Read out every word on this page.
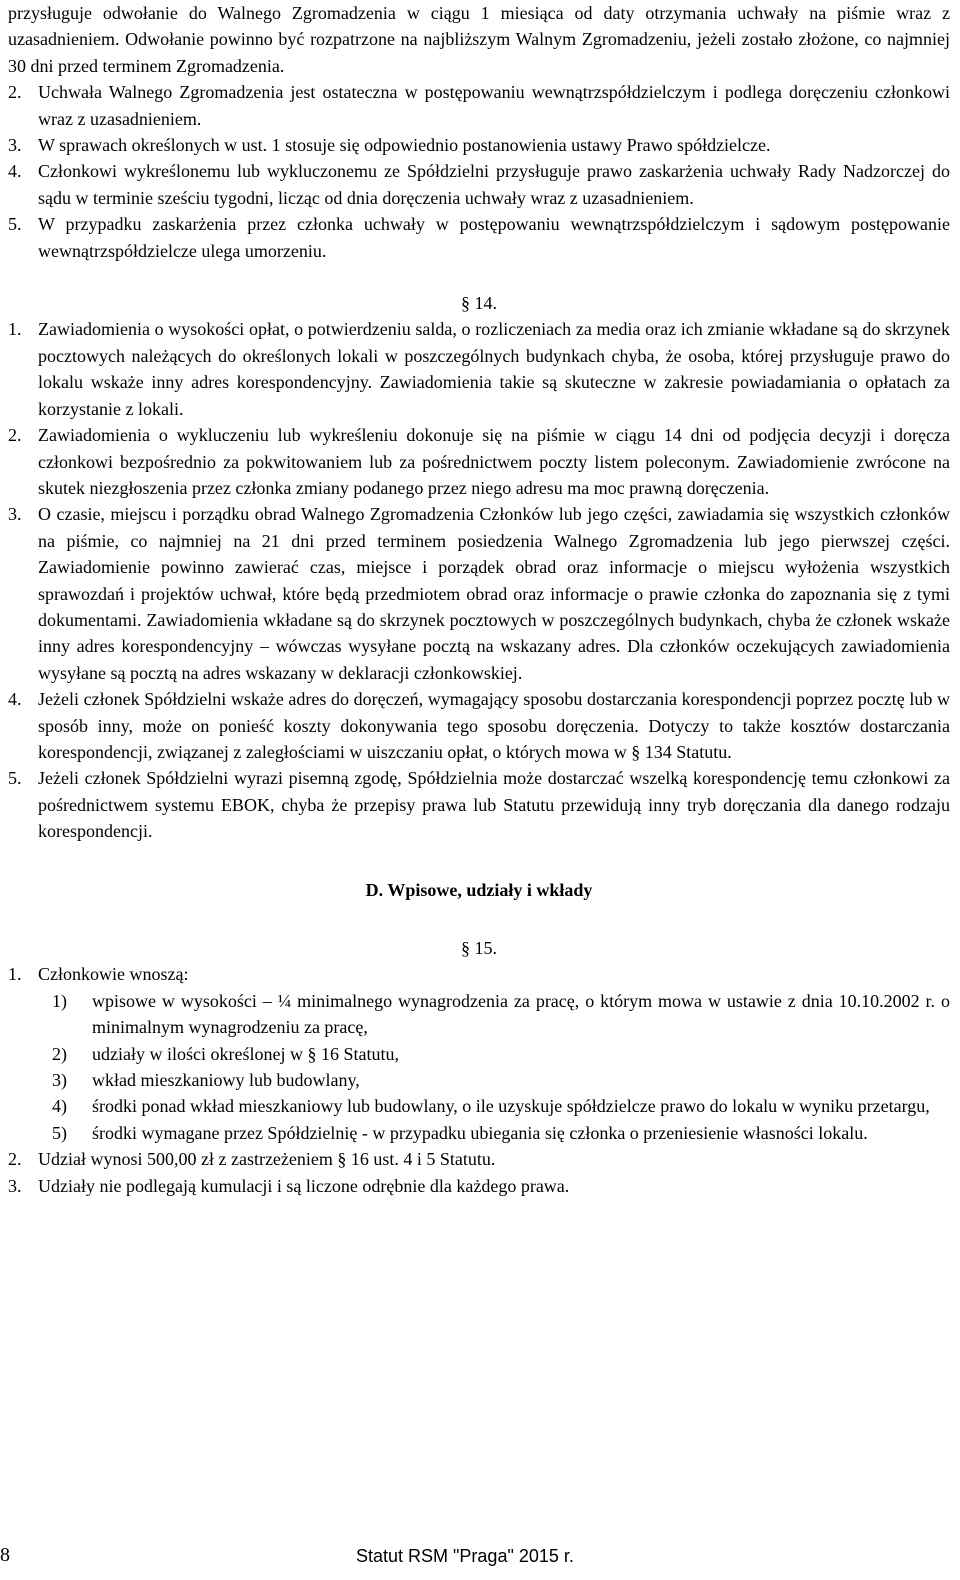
przysługuje odwołanie do Walnego Zgromadzenia w ciągu 1 miesiąca od daty otrzymania uchwały na piśmie wraz z uzasadnieniem. Odwołanie powinno być rozpatrzone na najbliższym Walnym Zgromadzeniu, jeżeli zostało złożone, co najmniej 30 dni przed terminem Zgromadzenia.

2. Uchwała Walnego Zgromadzenia jest ostateczna w postępowaniu wewnątrzspółdzielczym i podlega doręczeniu członkowi wraz z uzasadnieniem.
3. W sprawach określonych w ust. 1 stosuje się odpowiednio postanowienia ustawy Prawo spółdzielcze.
4. Członkowi wykreślonemu lub wykluczonemu ze Spółdzielni przysługuje prawo zaskarżenia uchwały Rady Nadzorczej do sądu w terminie sześciu tygodni, licząc od dnia doręczenia uchwały wraz z uzasadnieniem.
5. W przypadku zaskarżenia przez członka uchwały w postępowaniu wewnątrzspółdzielczym i sądowym postępowanie wewnątrzspółdzielcze ulega umorzeniu.

§ 14.

1. Zawiadomienia o wysokości opłat, o potwierdzeniu salda, o rozliczeniach za media oraz ich zmianie wkładane są do skrzynek pocztowych należących do określonych lokali w poszczególnych budynkach chyba, że osoba, której przysługuje prawo do lokalu wskaże inny adres korespondencyjny. Zawiadomienia takie są skuteczne w zakresie powiadamiania o opłatach za korzystanie z lokali.
2. Zawiadomienia o wykluczeniu lub wykreśleniu dokonuje się na piśmie w ciągu 14 dni od podjęcia decyzji i doręcza członkowi bezpośrednio za pokwitowaniem lub za pośrednictwem poczty listem poleconym. Zawiadomienie zwrócone na skutek niezgłoszenia przez członka zmiany podanego przez niego adresu ma moc prawną doręczenia.
3. O czasie, miejscu i porządku obrad Walnego Zgromadzenia Członków lub jego części, zawiadamia się wszystkich członków na piśmie, co najmniej na 21 dni przed terminem posiedzenia Walnego Zgromadzenia lub jego pierwszej części. Zawiadomienie powinno zawierać czas, miejsce i porządek obrad oraz informacje o miejscu wyłożenia wszystkich sprawozdań i projektów uchwał, które będą przedmiotem obrad oraz informacje o prawie członka do zapoznania się z tymi dokumentami. Zawiadomienia wkładane są do skrzynek pocztowych w poszczególnych budynkach, chyba że członek wskaże inny adres korespondencyjny – wówczas wysyłane pocztą na wskazany adres. Dla członków oczekujących zawiadomienia wysyłane są pocztą na adres wskazany w deklaracji członkowskiej.
4. Jeżeli członek Spółdzielni wskaże adres do doręczeń, wymagający sposobu dostarczania korespondencji poprzez pocztę lub w sposób inny, może on ponieść koszty dokonywania tego sposobu doręczenia. Dotyczy to także kosztów dostarczania korespondencji, związanej z zaległościami w uiszczaniu opłat, o których mowa w § 134 Statutu.
5. Jeżeli członek Spółdzielni wyrazi pisemną zgodę, Spółdzielnia może dostarczać wszelką korespondencję temu członkowi za pośrednictwem systemu EBOK, chyba że przepisy prawa lub Statutu przewidują inny tryb doręczania dla danego rodzaju korespondencji.

D. Wpisowe, udziały i wkłady

§ 15.

1. Członkowie wnoszą:
1)	wpisowe w wysokości – ¼ minimalnego wynagrodzenia za pracę, o którym mowa w ustawie z dnia 10.10.2002 r. o minimalnym wynagrodzeniu za pracę,
2)	udziały w ilości określonej w § 16 Statutu,
3)	wkład mieszkaniowy lub budowlany,
4)	środki ponad wkład mieszkaniowy lub budowlany, o ile uzyskuje spółdzielcze prawo do lokalu w wyniku przetargu,
5)	środki wymagane przez Spółdzielnię - w przypadku ubiegania się członka o przeniesienie własności lokalu.
2. Udział wynosi 500,00 zł z zastrzeżeniem § 16 ust. 4 i 5 Statutu.
3. Udziały nie podlegają kumulacji i są liczone odrębnie dla każdego prawa.
8	Statut RSM "Praga" 2015 r.
